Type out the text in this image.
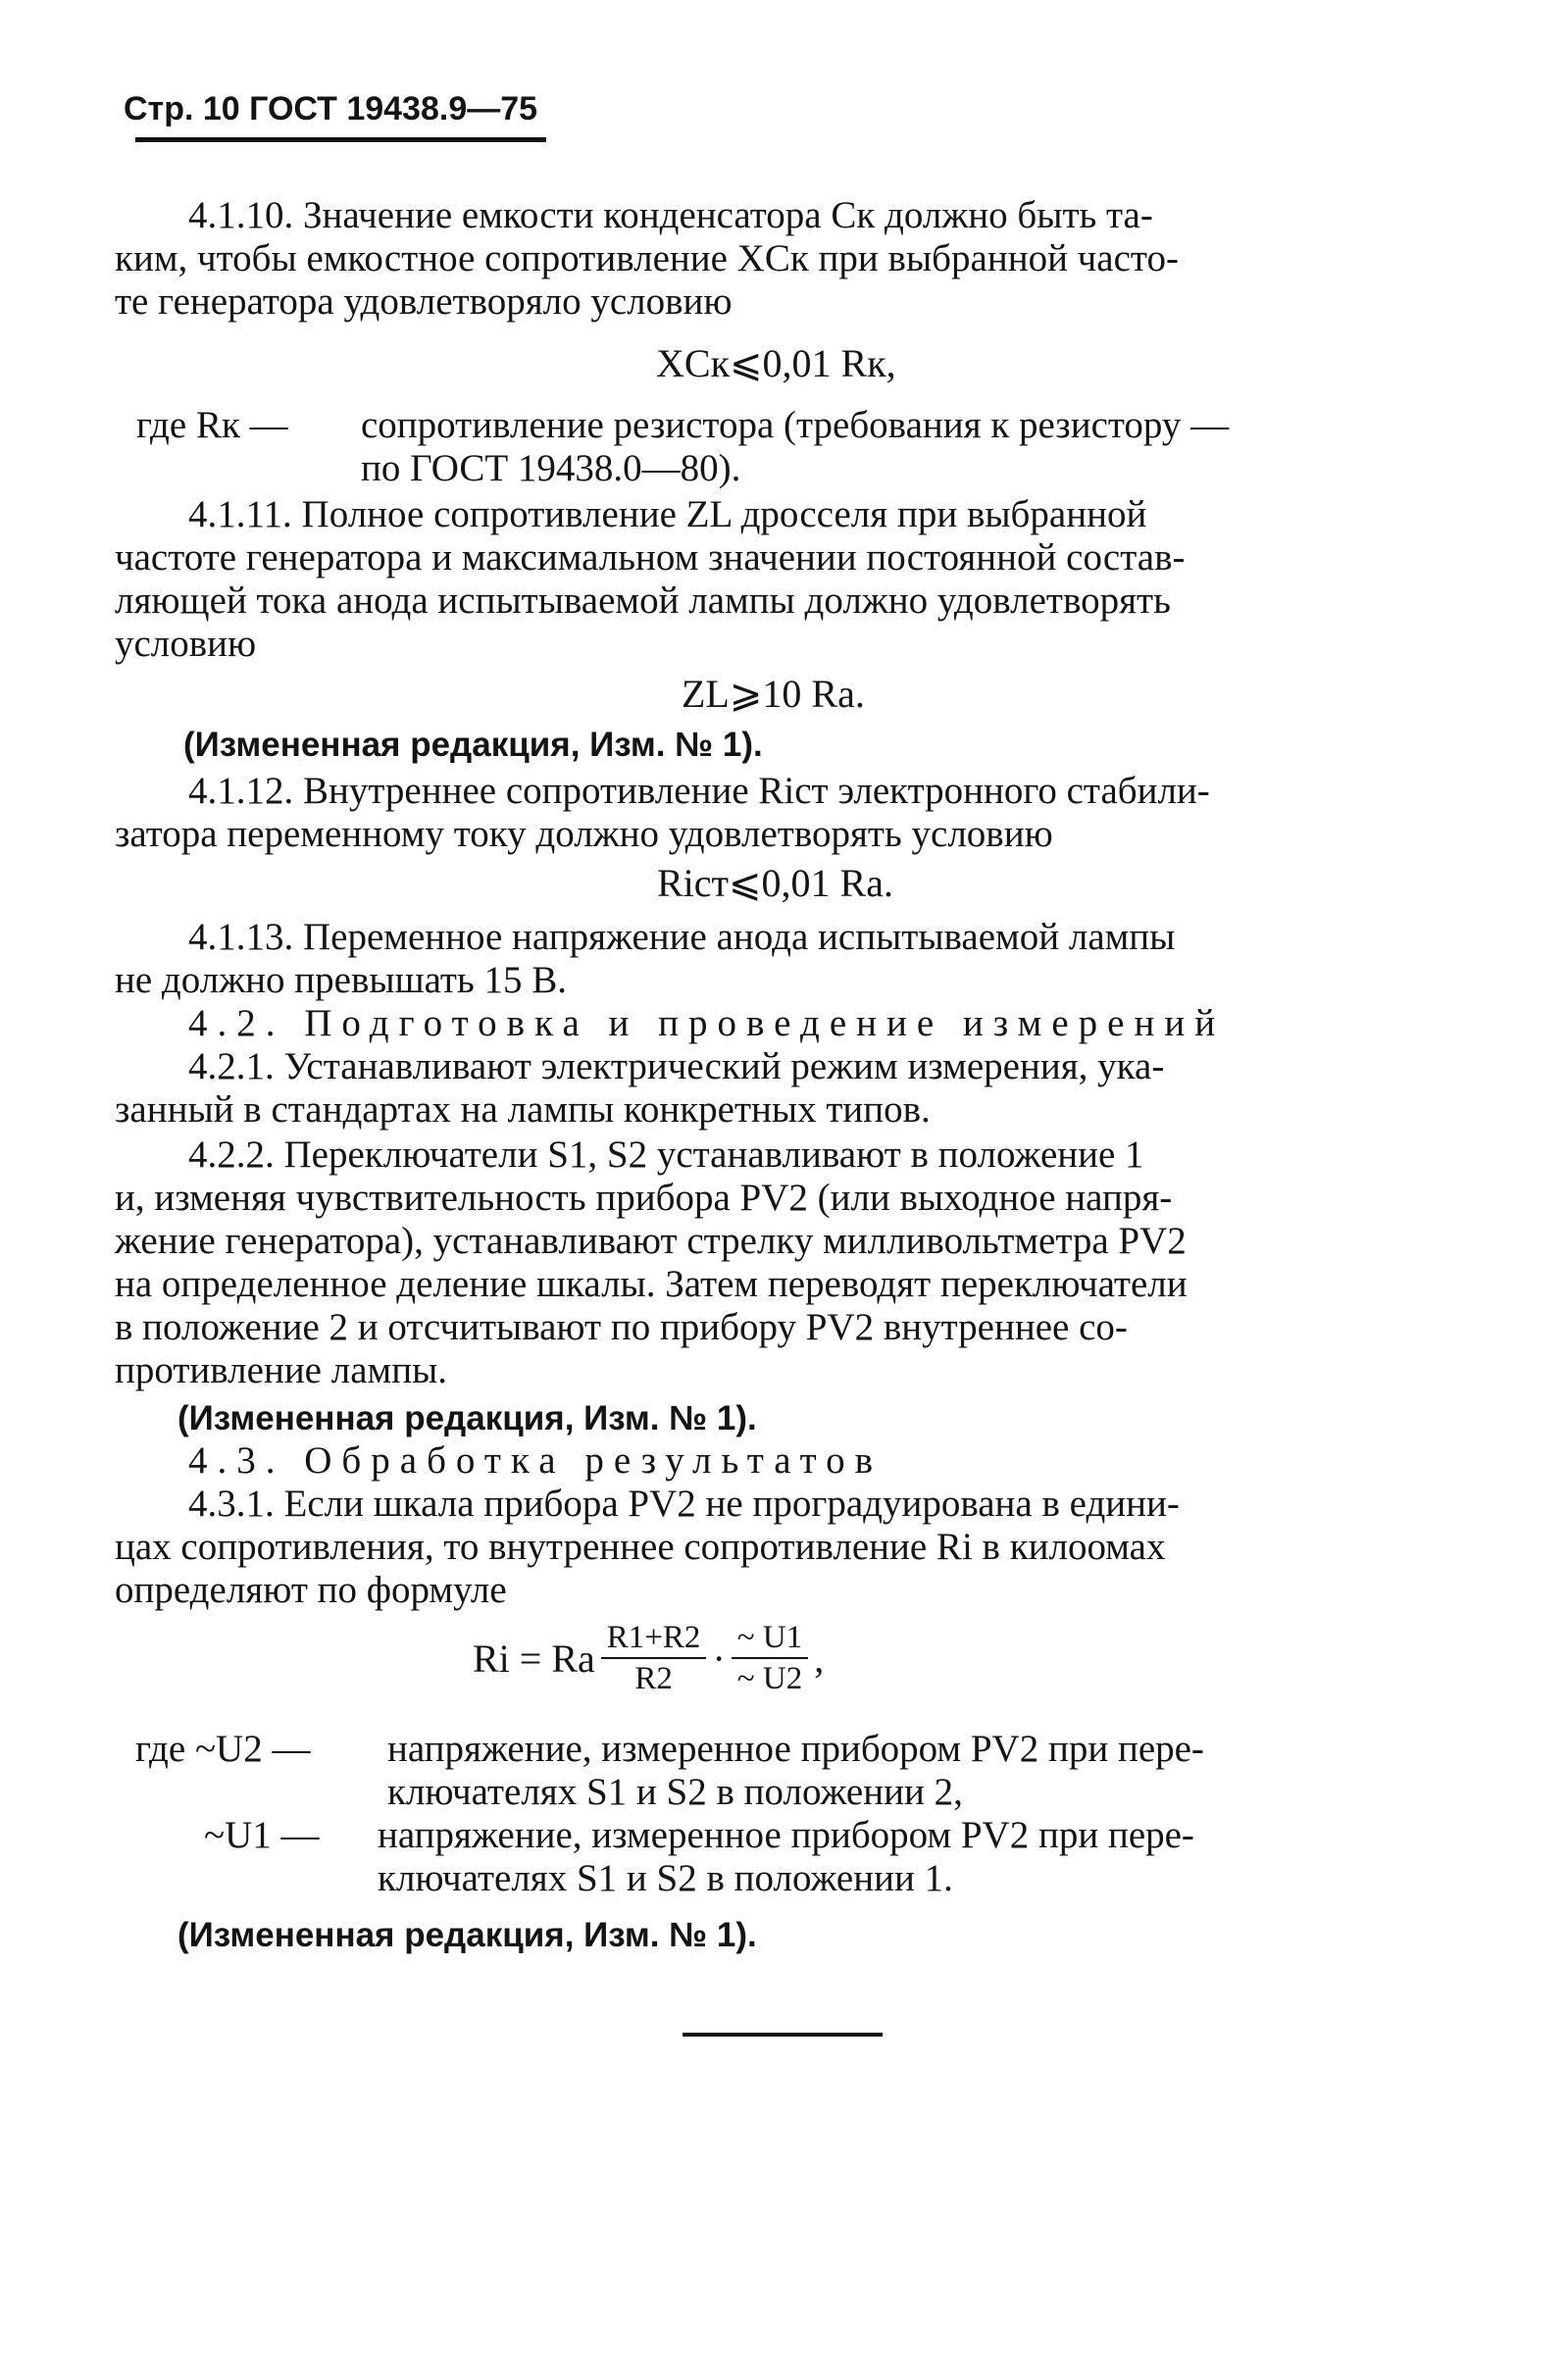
Стр. 10 ГОСТ 19438.9—75
4.1.10. Значение емкости конденсатора Cк должно быть та-
ким, чтобы емкостное сопротивление XCк при выбранной часто-
те генератора удовлетворяло условию
XCк⩽0,01 Rк,
где Rк — сопротивление резистора (требования к резистору —
по ГОСТ 19438.0—80).
4.1.11. Полное сопротивление ZL дросселя при выбранной
частоте генератора и максимальном значении постоянной состав-
ляющей тока анода испытываемой лампы должно удовлетворять
условию
ZL⩾10 Rа.
(Измененная редакция, Изм. № 1).
4.1.12. Внутреннее сопротивление Ricт электронного стабили-
затора переменному току должно удовлетворять условию
Ricт⩽0,01 Rа.
4.1.13. Переменное напряжение анода испытываемой лампы
не должно превышать 15 В.
4.2. Подготовка и проведение измерений
4.2.1. Устанавливают электрический режим измерения, ука-
занный в стандартах на лампы конкретных типов.
4.2.2. Переключатели S1, S2 устанавливают в положение 1
и, изменяя чувствительность прибора PV2 (или выходное напря-
жение генератора), устанавливают стрелку милливольтметра PV2
на определенное деление шкалы. Затем переводят переключатели
в положение 2 и отсчитывают по прибору PV2 внутреннее со-
противление лампы.
(Измененная редакция, Изм. № 1).
4.3. Обработка результатов
4.3.1. Если шкала прибора PV2 не проградуирована в едини-
цах сопротивления, то внутреннее сопротивление Ri в килоомах
определяют по формуле
Ri = Ra $\frac{R1+R2}{R2} \cdot \frac{\sim U1}{\sim U2}$ ,
где ~U2 — напряжение, измеренное прибором PV2 при пере-
ключателях S1 и S2 в положении 2,
~U1 — напряжение, измеренное прибором PV2 при пере-
ключателях S1 и S2 в положении 1.
(Измененная редакция, Изм. № 1).
